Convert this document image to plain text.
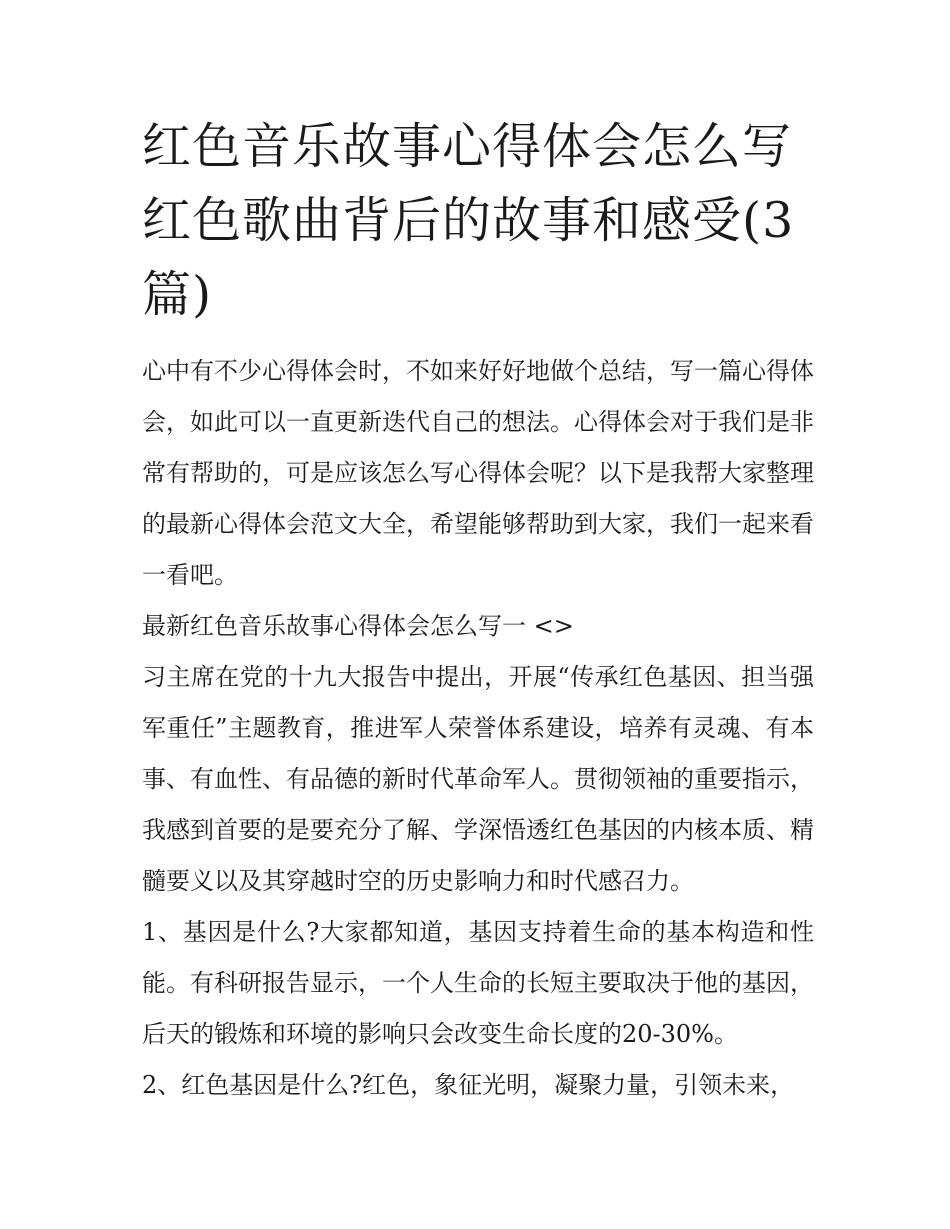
红色音乐故事心得体会怎么写 红色歌曲背后的故事和感受(3篇)

心中有不少心得体会时，不如来好好地做个总结，写一篇心得体会，如此可以一直更新迭代自己的想法。心得体会对于我们是非常有帮助的，可是应该怎么写心得体会呢？以下是我帮大家整理的最新心得体会范文大全，希望能够帮助到大家，我们一起来看一看吧。

最新红色音乐故事心得体会怎么写一 <>

习主席在党的十九大报告中提出，开展“传承红色基因、担当强军重任”主题教育，推进军人荣誉体系建设，培养有灵魂、有本事、有血性、有品德的新时代革命军人。贯彻领袖的重要指示，我感到首要的是要充分了解、学深悟透红色基因的内核本质、精髓要义以及其穿越时空的历史影响力和时代感召力。

1、基因是什么?大家都知道，基因支持着生命的基本构造和性能。有科研报告显示，一个人生命的长短主要取决于他的基因，后天的锻炼和环境的影响只会改变生命长度的20-30%。

2、红色基因是什么?红色，象征光明，凝聚力量，引领未来，
